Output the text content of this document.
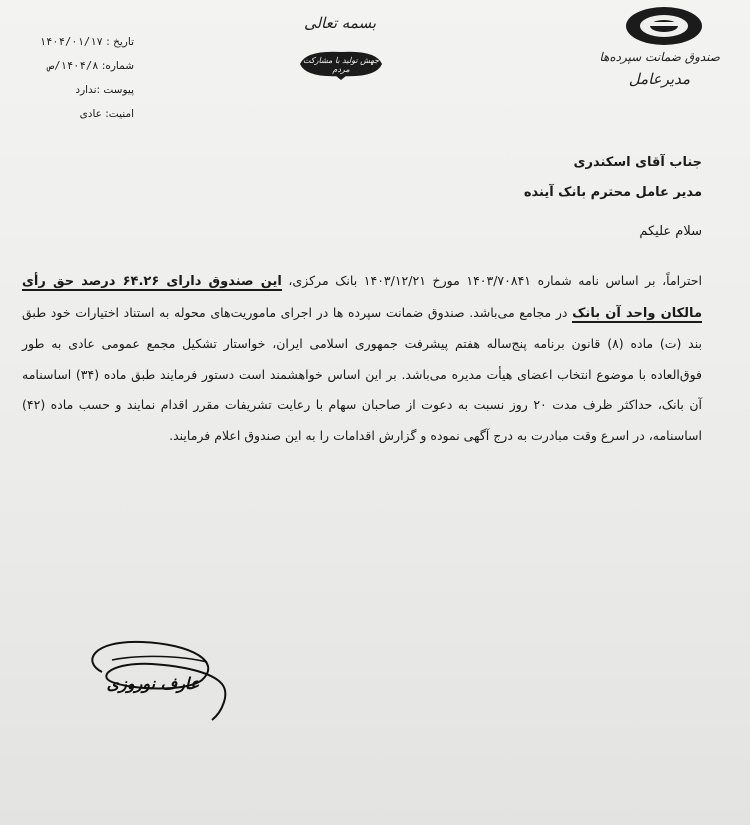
صندوق ضمانت سپرده‌ها
مدیرعامل
بسمه تعالی
جهش تولید با مشارکت مردم
تاریخ : ۱۴۰۴/۰۱/۱۷
شماره: ۱۴۰۴/۸/ص
پیوست :ندارد
امنیت: عادی
جناب آقای اسکندری
مدیر عامل محترم بانک آینده
سلام علیکم

احتراماً، بر اساس نامه شماره ۱۴۰۳/۷۰۸۴۱ مورخ ۱۴۰۳/۱۲/۲۱ بانک مرکزی، این صندوق دارای ۶۴.۲۶ درصد حق رأی مالکان واحد آن بانک در مجامع می‌باشد. صندوق ضمانت سپرده ها در اجرای ماموریت‌های محوله به استناد اختیارات خود طبق بند (ت) ماده (۸) قانون برنامه پنج‌ساله هفتم پیشرفت جمهوری اسلامی ایران، خواستار تشکیل مجمع عمومی عادی به طور فوق‌العاده با موضوع انتخاب اعضای هیأت مدیره می‌باشد. بر این اساس خواهشمند است دستور فرمایند طبق ماده (۳۴) اساسنامه آن بانک، حداکثر ظرف مدت ۲۰ روز نسبت به دعوت از صاحبان سهام با رعایت تشریفات مقرر اقدام نمایند و حسب ماده (۴۲) اساسنامه، در اسرع وقت مبادرت به درج آگهی نموده و گزارش اقدامات را به این صندوق اعلام فرمایند.

عارف نوروزی
